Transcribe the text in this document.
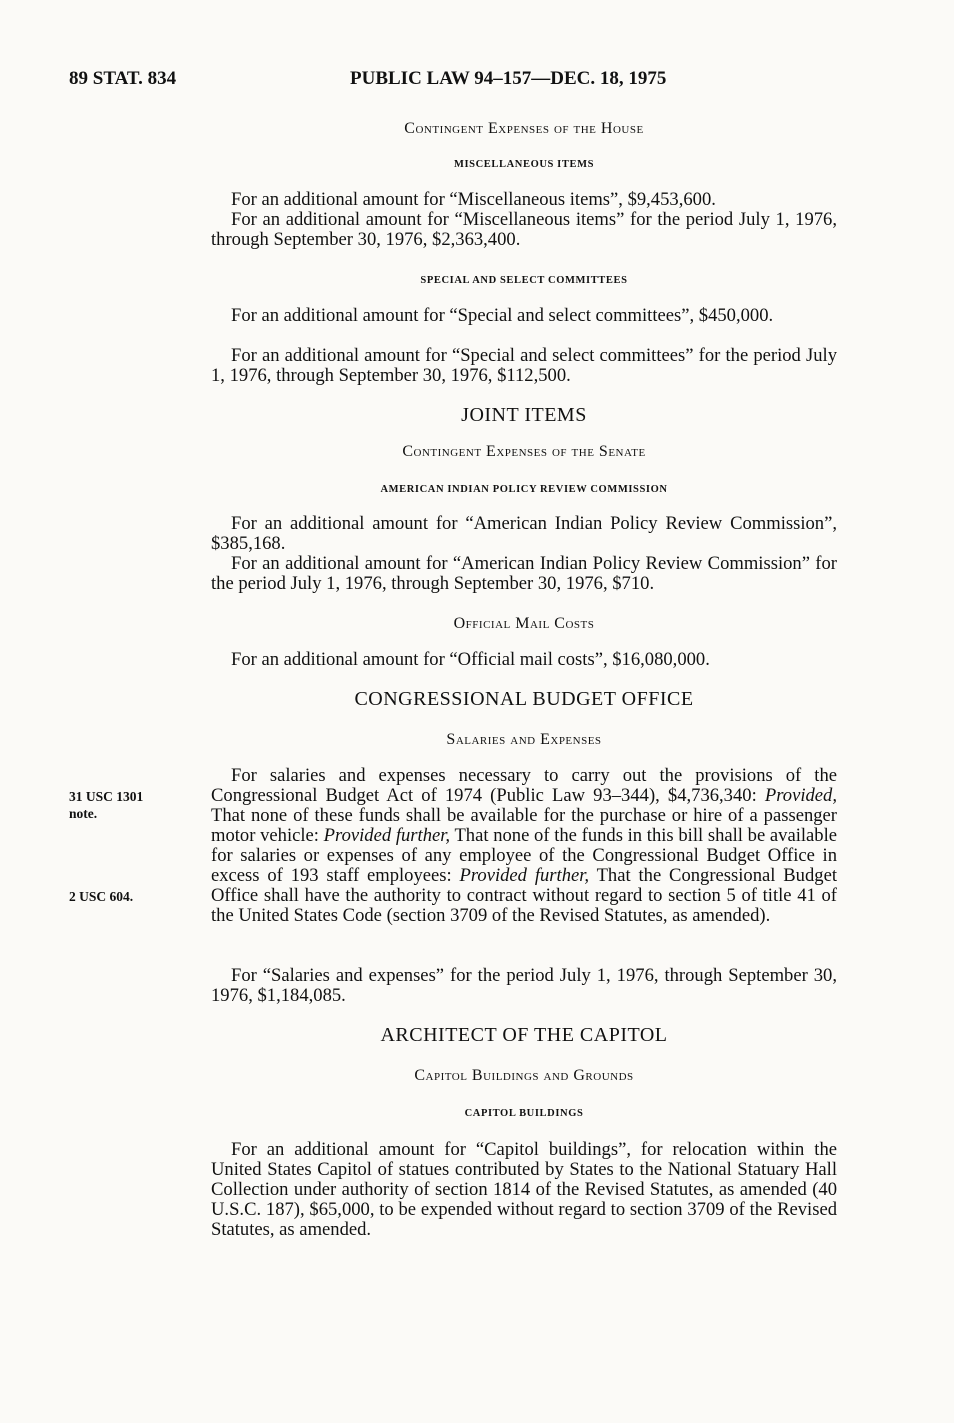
89 STAT. 834	PUBLIC LAW 94–157—DEC. 18, 1975
31 USC 1301
note.
2 USC 604.
Contingent Expenses of the House
MISCELLANEOUS ITEMS

For an additional amount for “Miscellaneous items”, $9,453,600.

For an additional amount for “Miscellaneous items” for the period July 1, 1976, through September 30, 1976, $2,363,400.

SPECIAL AND SELECT COMMITTEES

For an additional amount for “Special and select committees”, $450,000.

For an additional amount for “Special and select committees” for the period July 1, 1976, through September 30, 1976, $112,500.

JOINT ITEMS
Contingent Expenses of the Senate
AMERICAN INDIAN POLICY REVIEW COMMISSION

For an additional amount for “American Indian Policy Review Commission”, $385,168.

For an additional amount for “American Indian Policy Review Commission” for the period July 1, 1976, through September 30, 1976, $710.

Official Mail Costs

For an additional amount for “Official mail costs”, $16,080,000.

CONGRESSIONAL BUDGET OFFICE
Salaries and Expenses

For salaries and expenses necessary to carry out the provisions of the Congressional Budget Act of 1974 (Public Law 93–344), $4,736,340: Provided, That none of these funds shall be available for the purchase or hire of a passenger motor vehicle: Provided further, That none of the funds in this bill shall be available for salaries or expenses of any employee of the Congressional Budget Office in excess of 193 staff employees: Provided further, That the Congressional Budget Office shall have the authority to contract without regard to section 5 of title 41 of the United States Code (section 3709 of the Revised Statutes, as amended).

For “Salaries and expenses” for the period July 1, 1976, through September 30, 1976, $1,184,085.

ARCHITECT OF THE CAPITOL
Capitol Buildings and Grounds
CAPITOL BUILDINGS

For an additional amount for “Capitol buildings”, for relocation within the United States Capitol of statues contributed by States to the National Statuary Hall Collection under authority of section 1814 of the Revised Statutes, as amended (40 U.S.C. 187), $65,000, to be expended without regard to section 3709 of the Revised Statutes, as amended.
